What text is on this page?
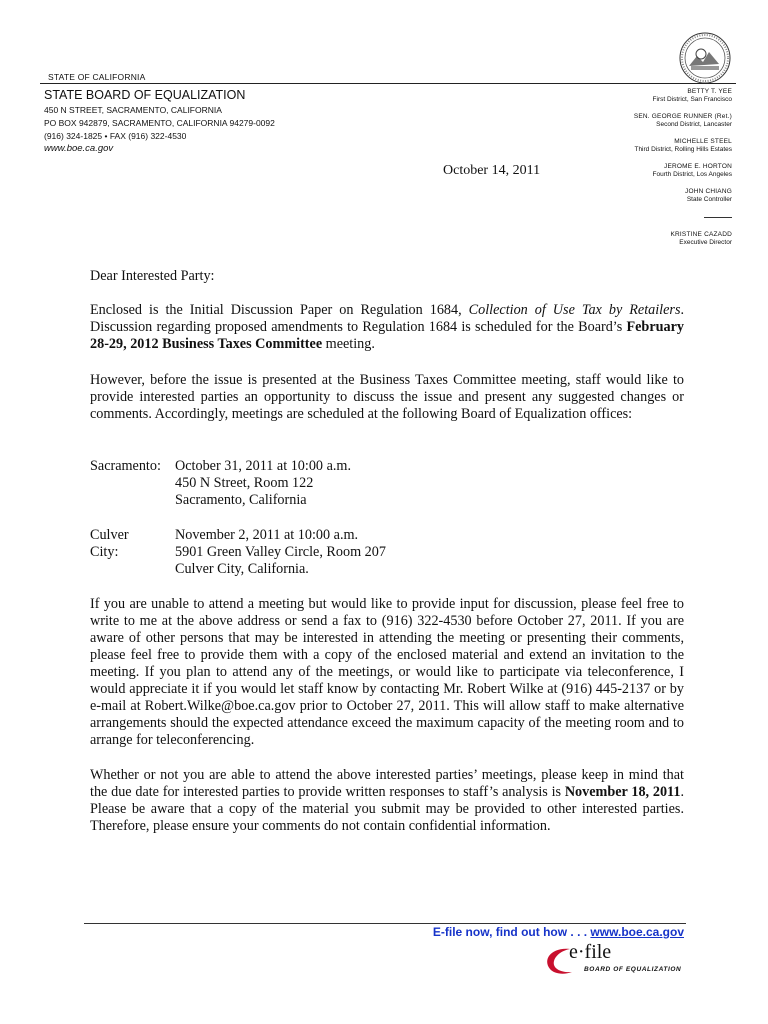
STATE OF CALIFORNIA
STATE BOARD OF EQUALIZATION
450 N STREET, SACRAMENTO, CALIFORNIA
PO BOX 942879, SACRAMENTO, CALIFORNIA 94279-0092
(916) 324-1825 • FAX (916) 322-4530
www.boe.ca.gov
BETTY T. YEE
First District, San Francisco
SEN. GEORGE RUNNER (Ret.)
Second District, Lancaster
MICHELLE STEEL
Third District, Rolling Hills Estates
JEROME E. HORTON
Fourth District, Los Angeles
JOHN CHIANG
State Controller
KRISTINE CAZADD
Executive Director
October 14, 2011
Dear Interested Party:
Enclosed is the Initial Discussion Paper on Regulation 1684, Collection of Use Tax by Retailers. Discussion regarding proposed amendments to Regulation 1684 is scheduled for the Board’s February 28-29, 2012 Business Taxes Committee meeting.
However, before the issue is presented at the Business Taxes Committee meeting, staff would like to provide interested parties an opportunity to discuss the issue and present any suggested changes or comments. Accordingly, meetings are scheduled at the following Board of Equalization offices:
Sacramento: October 31, 2011 at 10:00 a.m.
450 N Street, Room 122
Sacramento, California
Culver City:
November 2, 2011 at 10:00 a.m.
5901 Green Valley Circle, Room 207
Culver City, California.
If you are unable to attend a meeting but would like to provide input for discussion, please feel free to write to me at the above address or send a fax to (916) 322-4530 before October 27, 2011. If you are aware of other persons that may be interested in attending the meeting or presenting their comments, please feel free to provide them with a copy of the enclosed material and extend an invitation to the meeting. If you plan to attend any of the meetings, or would like to participate via teleconference, I would appreciate it if you would let staff know by contacting Mr. Robert Wilke at (916) 445-2137 or by e-mail at Robert.Wilke@boe.ca.gov prior to October 27, 2011. This will allow staff to make alternative arrangements should the expected attendance exceed the maximum capacity of the meeting room and to arrange for teleconferencing.
Whether or not you are able to attend the above interested parties’ meetings, please keep in mind that the due date for interested parties to provide written responses to staff’s analysis is November 18, 2011. Please be aware that a copy of the material you submit may be provided to other interested parties. Therefore, please ensure your comments do not contain confidential information.
E-file now, find out how . . . www.boe.ca.gov
e·file
BOARD OF EQUALIZATION
